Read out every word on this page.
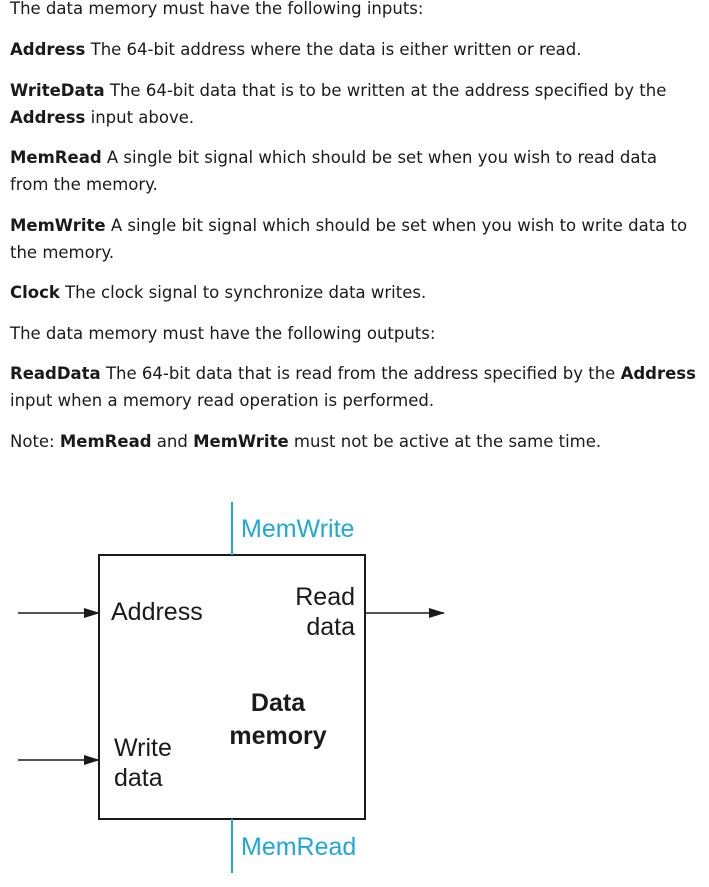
The data memory must have the following inputs:

Address The 64-bit address where the data is either written or read.

WriteData The 64-bit data that is to be written at the address specified by the Address input above.

MemRead A single bit signal which should be set when you wish to read data from the memory.

MemWrite A single bit signal which should be set when you wish to write data to the memory.

Clock The clock signal to synchronize data writes.

The data memory must have the following outputs:

ReadData The 64-bit data that is read from the address specified by the Address input when a memory read operation is performed.

Note: MemRead and MemWrite must not be active at the same time.

MemWrite
MemRead
Address
Read
data
Write
data
Data
memory
